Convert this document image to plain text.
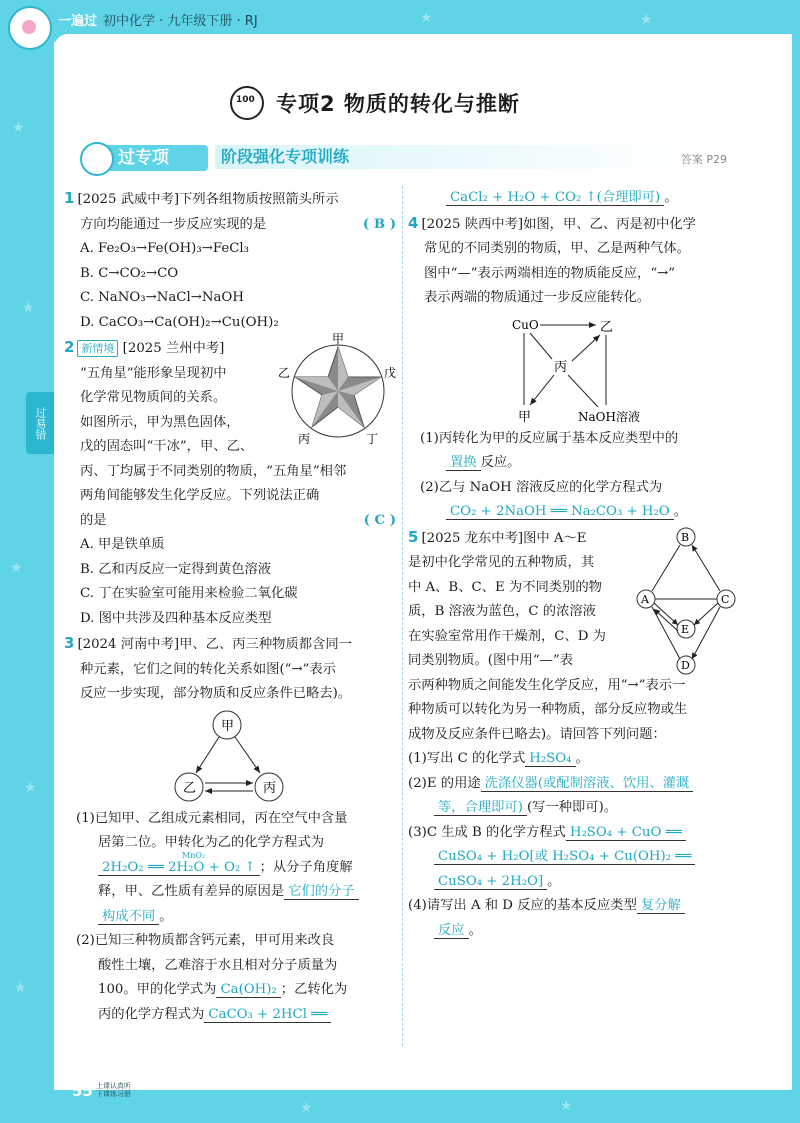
★
★
★
★
★
★	★
★	★
一遍过 初中化学 · 九年级下册 · RJ
过易错
100
专项2 物质的转化与推断
过专项	阶段强化专项训练	答案 P29

1 [2025 武威中考]下列各组物质按照箭头所示

方向均能通过一步反应实现的是	( B )

A. Fe₂O₃→Fe(OH)₃→FeCl₃

B. C→CO₂→CO

C. NaNO₃→NaCl→NaOH

D. CaCO₃→Ca(OH)₂→Cu(OH)₂

甲
戊
丁
丙
乙

2 新情境 [2025 兰州中考]

“五角星”能形象呈现初中

化学常见物质间的关系。

如图所示，甲为黑色固体，

戊的固态叫“干冰”，甲、乙、

丙、丁均属于不同类别的物质，“五角星”相邻

两角间能够发生化学反应。下列说法正确

的是	( C )

A. 甲是铁单质

B. 乙和丙反应一定得到黄色溶液

C. 丁在实验室可能用来检验二氧化碳

D. 图中共涉及四种基本反应类型

3 [2024 河南中考]甲、乙、丙三种物质都含同一

种元素，它们之间的转化关系如图(“→”表示

反应一步实现，部分物质和反应条件已略去)。

甲
乙	丙

(1)已知甲、乙组成元素相同，丙在空气中含量

居第二位。甲转化为乙的化学方程式为

MnO₂
2H₂O₂ ══ 2H₂O + O₂ ↑ ；从分子角度解

释，甲、乙性质有差异的原因是 它们的分子

构成不同 。

(2)已知三种物质都含钙元素，甲可用来改良

酸性土壤，乙难溶于水且相对分子质量为

100。甲的化学式为 Ca(OH)₂ ；乙转化为

丙的化学方程式为 CaCO₃ + 2HCl ══

CaCl₂ + H₂O + CO₂ ↑(合理即可) 。

4 [2025 陕西中考]如图，甲、乙、丙是初中化学

常见的不同类别的物质，甲、乙是两种气体。

图中“—”表示两端相连的物质能反应，“→”

表示两端的物质通过一步反应能转化。

CuO	乙
丙
甲	NaOH溶液

(1)丙转化为甲的反应属于基本反应类型中的

置换 反应。

(2)乙与 NaOH 溶液反应的化学方程式为

CO₂ + 2NaOH ══ Na₂CO₃ + H₂O 。

B
A	C
E
D

5 [2025 龙东中考]图中 A～E

是初中化学常见的五种物质，其

中 A、B、C、E 为不同类别的物

质，B 溶液为蓝色，C 的浓溶液

在实验室常用作干燥剂，C、D 为

同类别物质。(图中用“—”表

示两种物质之间能发生化学反应，用“→”表示一

种物质可以转化为另一种物质，部分反应物或生

成物及反应条件已略去)。请回答下列问题：

(1)写出 C 的化学式 H₂SO₄ 。

(2)E 的用途 洗涤仪器(或配制溶液、饮用、灌溉

等，合理即可) (写一种即可)。

(3)C 生成 B 的化学方程式 H₂SO₄ + CuO ══

CuSO₄ + H₂O[或 H₂SO₄ + Cu(OH)₂ ══

CuSO₄ + 2H₂O] 。

(4)请写出 A 和 D 反应的基本反应类型 复分解

反应 。

55 上课认真听
下课练习册
